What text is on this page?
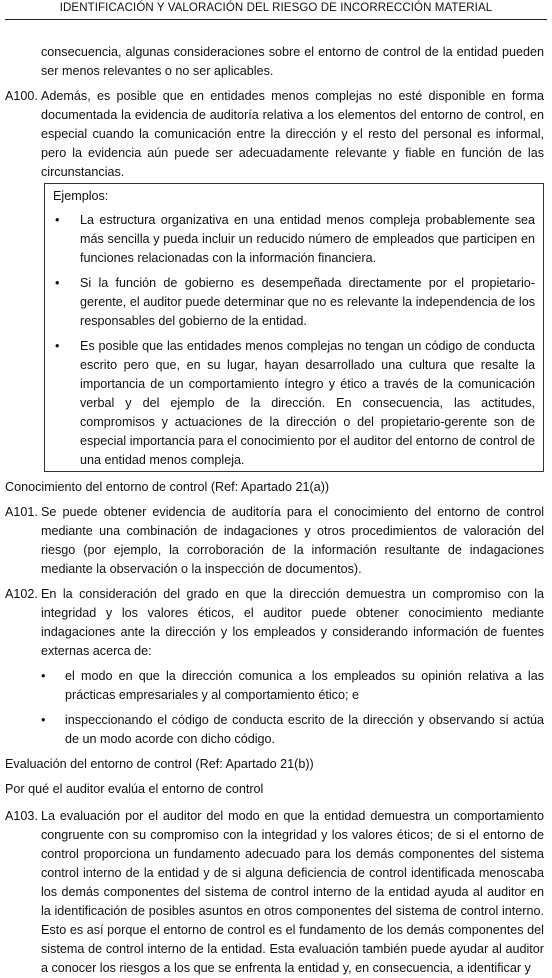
IDENTIFICACIÓN Y VALORACIÓN DEL RIESGO DE INCORRECCIÓN MATERIAL
consecuencia, algunas consideraciones sobre el entorno de control de la entidad pueden ser menos relevantes o no ser aplicables.
A100. Además, es posible que en entidades menos complejas no esté disponible en forma documentada la evidencia de auditoría relativa a los elementos del entorno de control, en especial cuando la comunicación entre la dirección y el resto del personal es informal, pero la evidencia aún puede ser adecuadamente relevante y fiable en función de las circunstancias.
Ejemplos:
•	La estructura organizativa en una entidad menos compleja probablemente sea más sencilla y pueda incluir un reducido número de empleados que participen en funciones relacionadas con la información financiera.
•	Si la función de gobierno es desempeñada directamente por el propietario-gerente, el auditor puede determinar que no es relevante la independencia de los responsables del gobierno de la entidad.
•	Es posible que las entidades menos complejas no tengan un código de conducta escrito pero que, en su lugar, hayan desarrollado una cultura que resalte la importancia de un comportamiento íntegro y ético a través de la comunicación verbal y del ejemplo de la dirección. En consecuencia, las actitudes, compromisos y actuaciones de la dirección o del propietario-gerente son de especial importancia para el conocimiento por el auditor del entorno de control de una entidad menos compleja.
Conocimiento del entorno de control (Ref: Apartado 21(a))
A101. Se puede obtener evidencia de auditoría para el conocimiento del entorno de control mediante una combinación de indagaciones y otros procedimientos de valoración del riesgo (por ejemplo, la corroboración de la información resultante de indagaciones mediante la observación o la inspección de documentos).
A102. En la consideración del grado en que la dirección demuestra un compromiso con la integridad y los valores éticos, el auditor puede obtener conocimiento mediante indagaciones ante la dirección y los empleados y considerando información de fuentes externas acerca de:
•	el modo en que la dirección comunica a los empleados su opinión relativa a las prácticas empresariales y al comportamiento ético; e
•	inspeccionando el código de conducta escrito de la dirección y observando si actúa de un modo acorde con dicho código.
Evaluación del entorno de control (Ref: Apartado 21(b))
Por qué el auditor evalúa el entorno de control
A103. La evaluación por el auditor del modo en que la entidad demuestra un comportamiento congruente con su compromiso con la integridad y los valores éticos; de si el entorno de control proporciona un fundamento adecuado para los demás componentes del sistema control interno de la entidad y de si alguna deficiencia de control identificada menoscaba los demás componentes del sistema de control interno de la entidad ayuda al auditor en la identificación de posibles asuntos en otros componentes del sistema de control interno. Esto es así porque el entorno de control es el fundamento de los demás componentes del sistema de control interno de la entidad. Esta evaluación también puede ayudar al auditor a conocer los riesgos a los que se enfrenta la entidad y, en consecuencia, a identificar y
